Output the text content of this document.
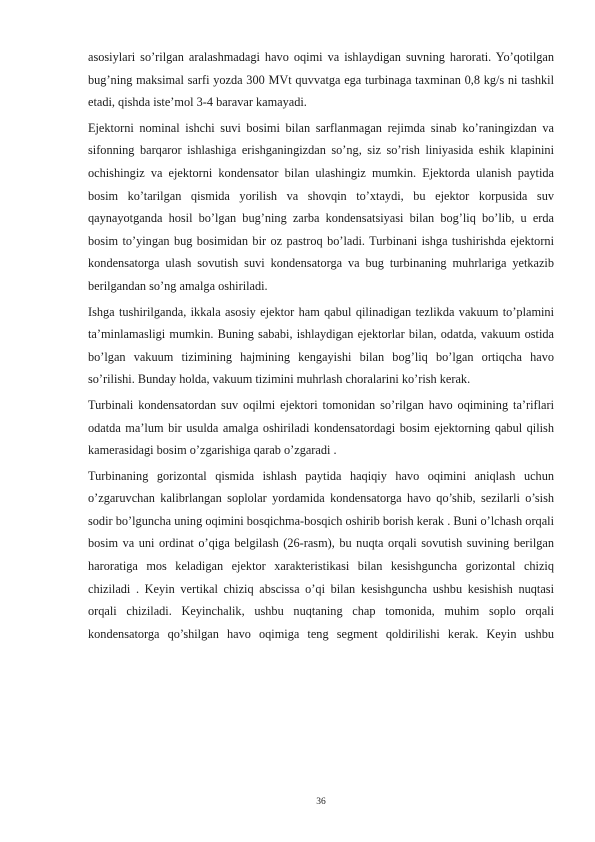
asosiylari so’rilgan aralashmadagi havo oqimi va ishlaydigan suvning harorati. Yo’qotilgan bug’ning maksimal sarfi yozda 300 MVt quvvatga ega turbinaga taxminan 0,8 kg/s ni tashkil etadi, qishda iste’mol 3-4 baravar kamayadi.

Ejektorni nominal ishchi suvi bosimi bilan sarflanmagan rejimda sinab ko’raningizdan va sifonning barqaror ishlashiga erishganingizdan so’ng, siz so’rish liniyasida eshik klapinini ochishingiz va ejektorni kondensator bilan ulashingiz mumkin. Ejektorda ulanish paytida bosim ko’tarilgan qismida yorilish va shovqin to’xtaydi, bu ejektor korpusida suv qaynayotganda hosil bo’lgan bug’ning zarba kondensatsiyasi bilan bog’liq bo’lib, u erda bosim to’yingan bug bosimidan bir oz pastroq bo’ladi. Turbinani ishga tushirishda ejektorni kondensatorga ulash sovutish suvi kondensatorga va bug turbinaning muhrlariga yetkazib berilgandan so’ng amalga oshiriladi.

Ishga tushirilganda, ikkala asosiy ejektor ham qabul qilinadigan tezlikda vakuum to’plamini ta’minlamasligi mumkin. Buning sababi, ishlaydigan ejektorlar bilan, odatda, vakuum ostida bo’lgan vakuum tizimining hajmining kengayishi bilan bog’liq bo’lgan ortiqcha havo so’rilishi. Bunday holda, vakuum tizimini muhrlash choralarini ko’rish kerak.

Turbinali kondensatordan suv oqilmi ejektori tomonidan so’rilgan havo oqimining ta’riflari odatda ma’lum bir usulda amalga oshiriladi kondensatordagi bosim ejektorning qabul qilish kamerasidagi bosim o’zgarishiga qarab o’zgaradi .

Turbinaning gorizontal qismida ishlash paytida haqiqiy havo oqimini aniqlash uchun o’zgaruvchan kalibrlangan soplolar yordamida kondensatorga havo qo’shib, sezilarli o’sish sodir bo’lguncha uning oqimini bosqichma-bosqich oshirib borish kerak . Buni o’lchash orqali bosim va uni ordinat o’qiga belgilash (26-rasm), bu nuqta orqali sovutish suvining berilgan haroratiga mos keladigan ejektor xarakteristikasi bilan kesishguncha gorizontal chiziq chiziladi . Keyin vertikal chiziq abscissa o’qi bilan kesishguncha ushbu kesishish nuqtasi orqali chiziladi. Keyinchalik, ushbu nuqtaning chap tomonida, muhim soplo orqali kondensatorga qo’shilgan havo oqimiga teng segment qoldirilishi kerak. Keyin ushbu

36
